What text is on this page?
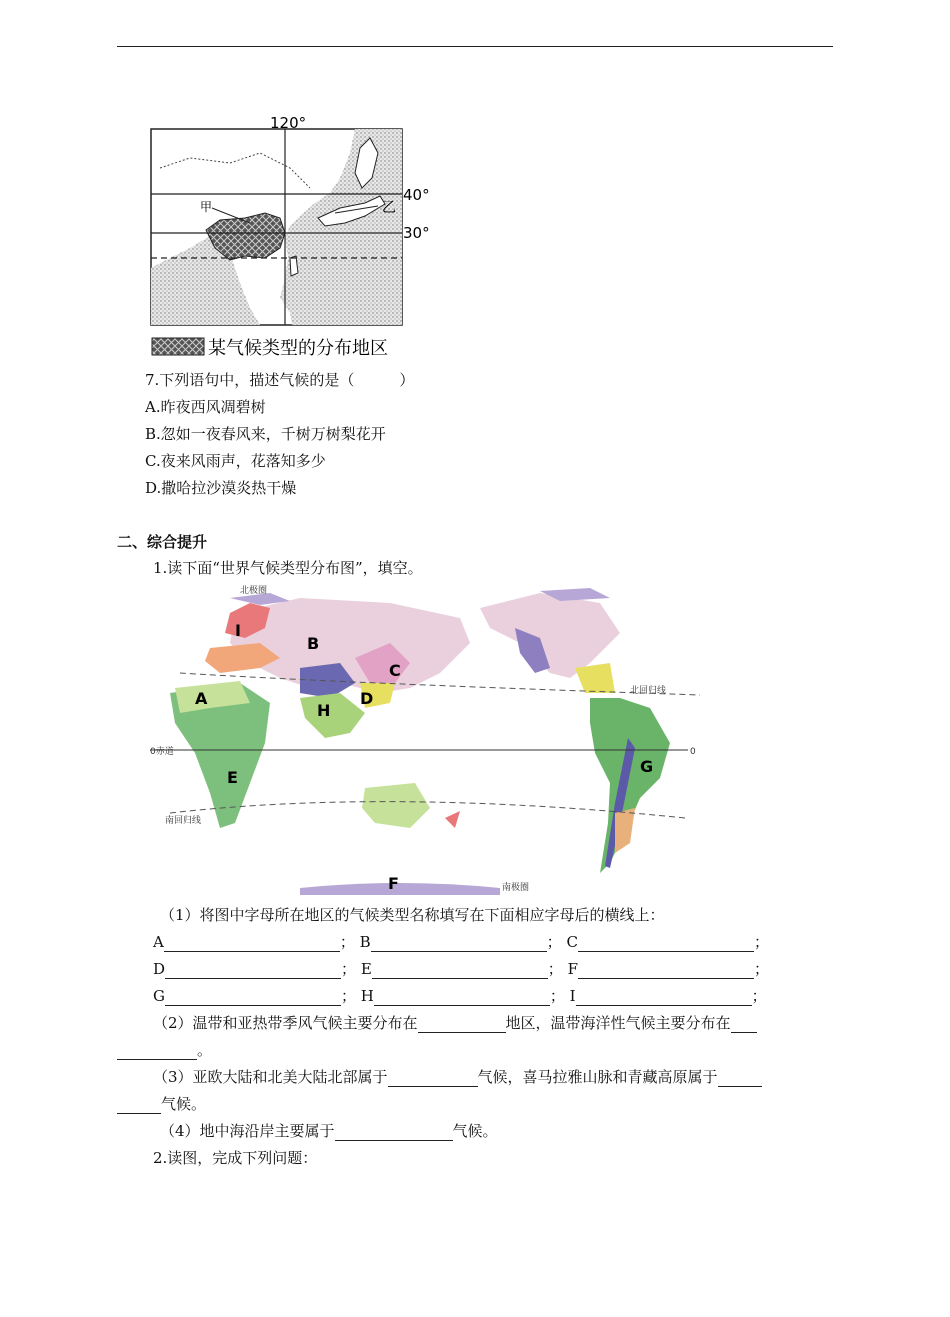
120°
40°
30°
甲	乙
某气候类型的分布地区
7.下列语句中，描述气候的是（　　　）
A.昨夜西风凋碧树
B.忽如一夜春风来，千树万树梨花开
C.夜来风雨声，花落知多少
D.撒哈拉沙漠炎热干燥
二、综合提升
1.读下面“世界气候类型分布图”，填空。
北极圈
北回归线
0赤道	0
南回归线
南极圈
A
B
C
D
E
F
G
H
I
（1）将图中字母所在地区的气候类型名称填写在下面相应字母后的横线上：
A	； B	； C	；
D	； E	； F	；
G	； H	； I	；
（2）温带和亚热带季风气候主要分布在	地区，温带海洋性气候主要分布在
。
（3）亚欧大陆和北美大陆北部属于	气候，喜马拉雅山脉和青藏高原属于
气候。
（4）地中海沿岸主要属于	气候。
2.读图，完成下列问题：
